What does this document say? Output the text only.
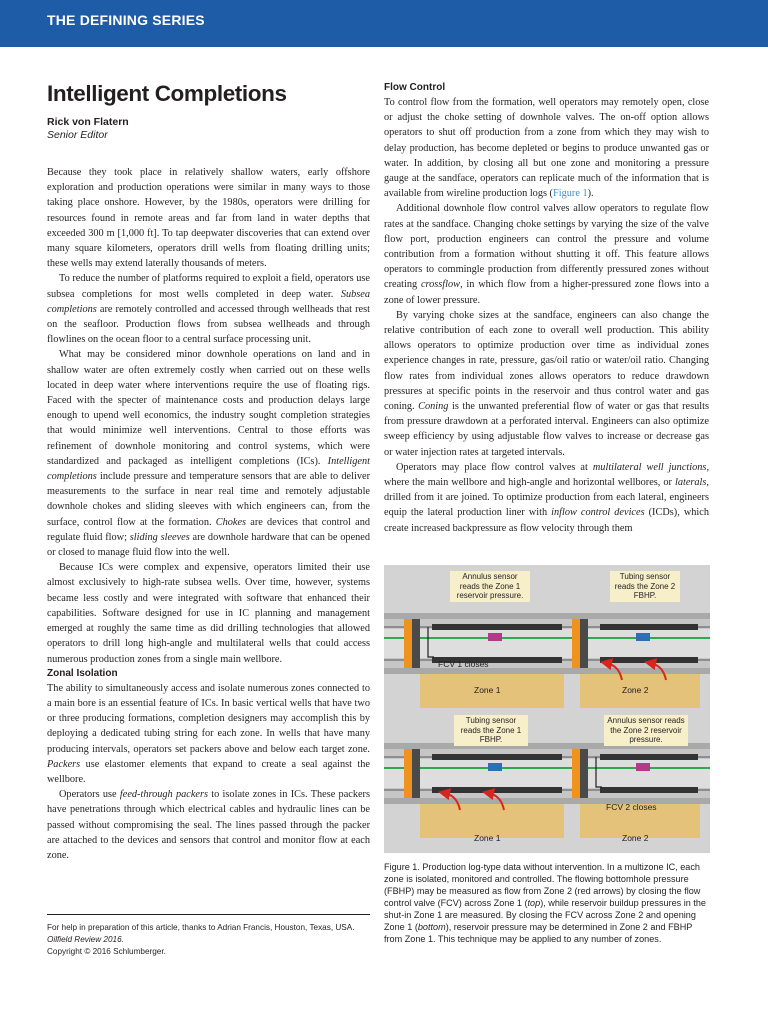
THE DEFINING SERIES
Intelligent Completions
Rick von Flatern
Senior Editor

Because they took place in relatively shallow waters, early offshore exploration and production operations were similar in many ways to those taking place onshore. However, by the 1980s, operators were drilling for resources found in remote areas and far from land in water depths that exceeded 300 m [1,000 ft]. To tap deepwater discoveries that can extend over many square kilometers, operators drill wells from floating drilling units; these wells may extend laterally thousands of meters.

To reduce the number of platforms required to exploit a field, operators use subsea completions for most wells completed in deep water. Subsea completions are remotely controlled and accessed through wellheads that rest on the seafloor. Production flows from subsea wellheads and through flowlines on the ocean floor to a central surface processing unit.

What may be considered minor downhole operations on land and in shallow water are often extremely costly when carried out on these wells located in deep water where interventions require the use of floating rigs. Faced with the specter of maintenance costs and production delays large enough to upend well economics, the industry sought completion strategies that would minimize well interventions. Central to those efforts was refinement of downhole monitoring and control systems, which were standardized and packaged as intelligent completions (ICs). Intelligent completions include pressure and temperature sensors that are able to deliver measurements to the surface in near real time and remotely adjustable downhole chokes and sliding sleeves with which engineers can, from the surface, control flow at the formation. Chokes are devices that control and regulate fluid flow; sliding sleeves are downhole hardware that can be opened or closed to manage fluid flow into the well.

Because ICs were complex and expensive, operators limited their use almost exclusively to high-rate subsea wells. Over time, however, systems became less costly and were integrated with software that enhanced their capabilities. Software designed for use in IC planning and management emerged at roughly the same time as did drilling technologies that allowed operators to drill long high-angle and multilateral wells that could access numerous production zones from a single main wellbore.

Zonal Isolation

The ability to simultaneously access and isolate numerous zones connected to a main bore is an essential feature of ICs. In basic vertical wells that have two or three producing formations, completion designers may accomplish this by deploying a dedicated tubing string for each zone. In wells that have many producing intervals, operators set packers above and below each target zone. Packers use elastomer elements that expand to create a seal against the wellbore.

Operators use feed-through packers to isolate zones in ICs. These packers have penetrations through which electrical cables and hydraulic lines can be passed without compromising the seal. The lines passed through the packer are attached to the devices and sensors that control and monitor flow at each zone.

For help in preparation of this article, thanks to Adrian Francis, Houston, Texas, USA.
Oilfield Review 2016.
Copyright © 2016 Schlumberger.
Flow Control

To control flow from the formation, well operators may remotely open, close or adjust the choke setting of downhole valves. The on-off option allows operators to shut off production from a zone from which they may wish to delay production, has become depleted or begins to produce unwanted gas or water. In addition, by closing all but one zone and monitoring a pressure gauge at the sandface, operators can replicate much of the information that is available from wireline production logs (Figure 1).

Additional downhole flow control valves allow operators to regulate flow rates at the sandface. Changing choke settings by varying the size of the valve flow port, production engineers can control the pressure and volume contribution from a formation without shutting it off. This feature allows operators to commingle production from differently pressured zones without creating crossflow, in which flow from a higher-pressured zone flows into a zone of lower pressure.

By varying choke sizes at the sandface, engineers can also change the relative contribution of each zone to overall well production. This ability allows operators to optimize production over time as individual zones experience changes in rate, pressure, gas/oil ratio or water/oil ratio. Changing flow rates from individual zones allows operators to reduce drawdown pressures at specific points in the reservoir and thus control water and gas coning. Coning is the unwanted preferential flow of water or gas that results from pressure drawdown at a perforated interval. Engineers can also optimize sweep efficiency by using adjustable flow valves to increase or decrease gas or water injection rates at targeted intervals.

Operators may place flow control valves at multilateral well junctions, where the main wellbore and high-angle and horizontal wellbores, or laterals, drilled from it are joined. To optimize production from each lateral, engineers equip the lateral production liner with inflow control devices (ICDs), which create increased backpressure as flow velocity through them

Annulus sensor reads the Zone 1 reservoir pressure.
Tubing sensor reads the Zone 2 FBHP.
FCV 1 closes
Zone 1	Zone 2
Tubing sensor reads the Zone 1 FBHP.
Annulus sensor reads the Zone 2 reservoir pressure.
FCV 2 closes
Zone 1	Zone 2
Figure 1. Production log-type data without intervention. In a multizone IC, each zone is isolated, monitored and controlled. The flowing bottomhole pressure (FBHP) may be measured as flow from Zone 2 (red arrows) by closing the flow control valve (FCV) across Zone 1 (top), while reservoir buildup pressures in the shut-in Zone 1 are measured. By closing the FCV across Zone 2 and opening Zone 1 (bottom), reservoir pressure may be determined in Zone 2 and FBHP from Zone 1. This technique may be applied to any number of zones.
